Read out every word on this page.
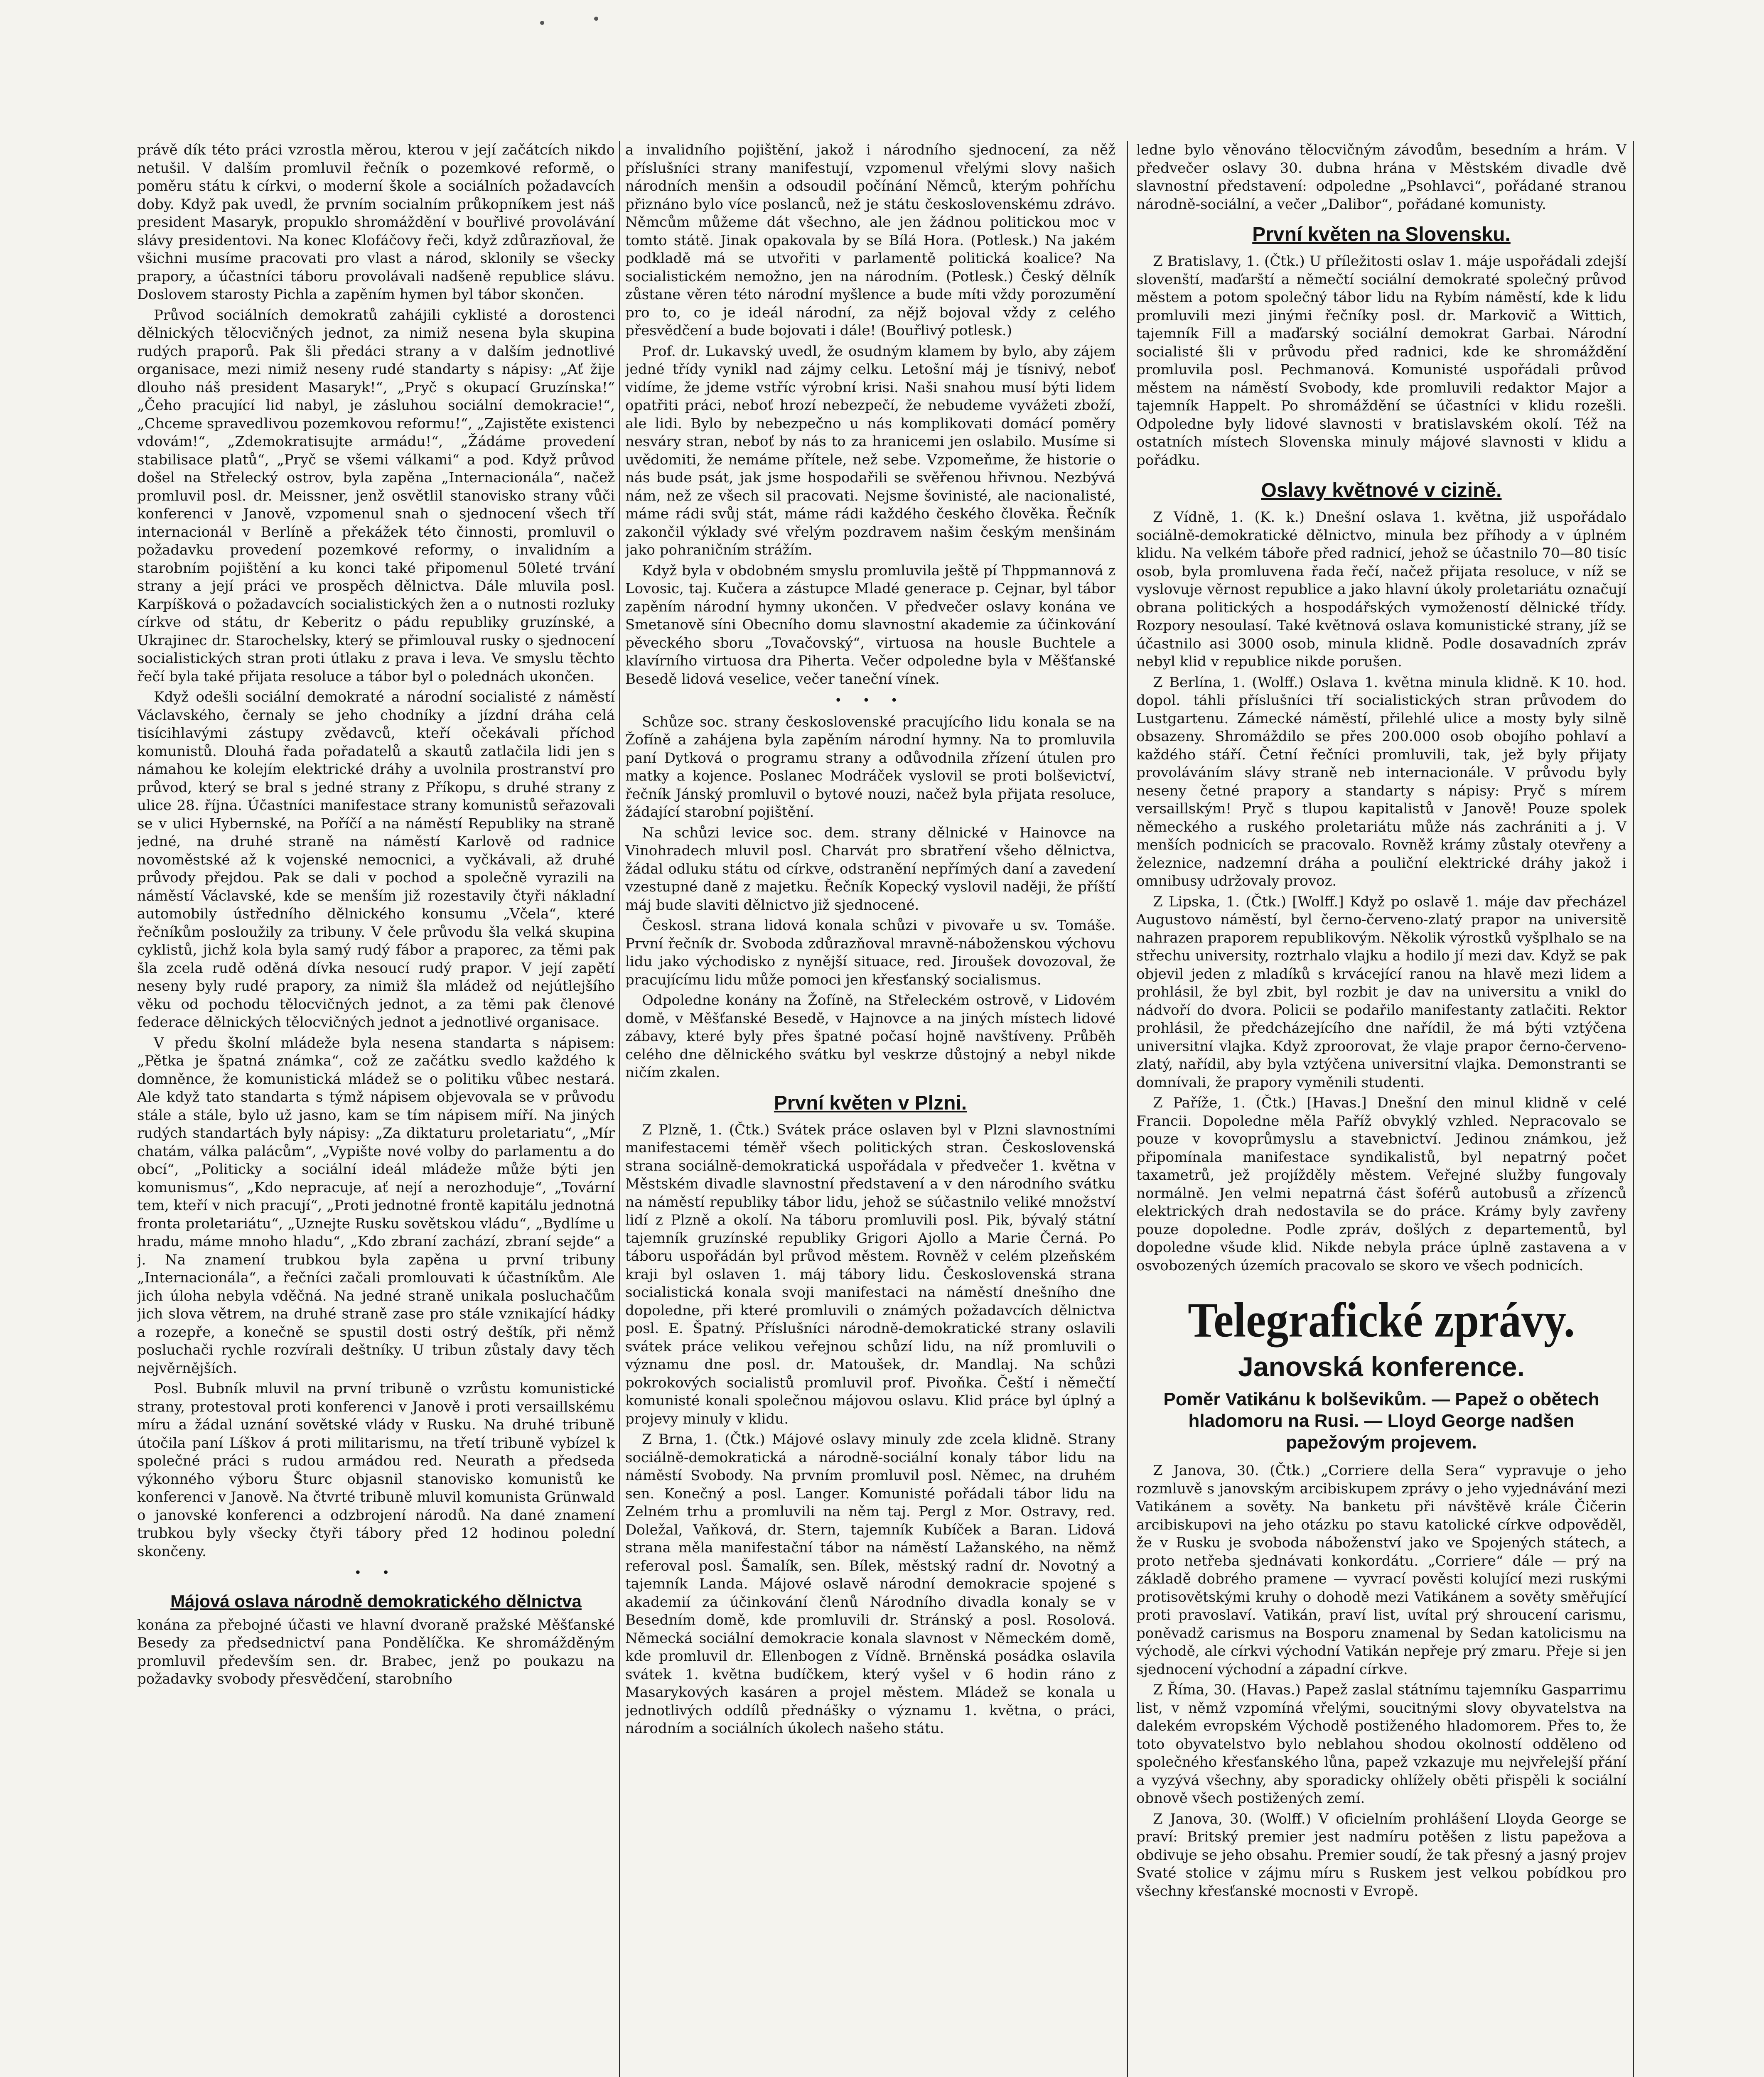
právě dík této práci vzrostla měrou, kterou v její začátcích nikdo netušil. V dalším promluvil řečník o pozemkové reformě, o poměru státu k církvi, o moderní škole a sociálních požadavcích doby. Když pak uvedl, že prvním socialním průkopníkem jest náš president Masaryk, propuklo shromáždění v bouřlivé provolávání slávy presidentovi. Na konec Klofáčovy řeči, když zdůrazňoval, že všichni musíme pracovati pro vlast a národ, sklonily se všecky prapory, a účastníci táboru provolávali nadšeně republice slávu. Doslovem starosty Pichla a zapěním hymen byl tábor skončen.

Průvod sociálních demokratů zahájili cyklisté a dorostenci dělnických tělocvičných jednot, za nimiž nesena byla skupina rudých praporů. Pak šli předáci strany a v dalším jednotlivé organisace, mezi nimiž neseny rudé standarty s nápisy: „Ať žije dlouho náš president Masaryk!“, „Pryč s okupací Gruzínska!“ „Čeho pracující lid nabyl, je zásluhou sociální demokracie!“, „Chceme spravedlivou pozemkovou reformu!“, „Zajistěte existenci vdovám!“, „Zdemokratisujte armádu!“, „Žádáme provedení stabilisace platů“, „Pryč se všemi válkami“ a pod. Když průvod došel na Střelecký ostrov, byla zapěna „Internacionála“, načež promluvil posl. dr. Meissner, jenž osvětlil stanovisko strany vůči konferenci v Janově, vzpomenul snah o sjednocení všech tří internacionál v Berlíně a překážek této činnosti, promluvil o požadavku provedení pozemkové reformy, o invalidním a starobním pojištění a ku konci také připomenul 50leté trvání strany a její práci ve prospěch dělnictva. Dále mluvila posl. Karpíšková o požadavcích socialistických žen a o nutnosti rozluky církve od státu, dr Keberitz o pádu republiky gruzínské, a Ukrajinec dr. Starochelsky, který se přimlouval rusky o sjednocení socialistických stran proti útlaku z prava i leva. Ve smyslu těchto řečí byla také přijata resoluce a tábor byl o polednách ukončen.

Když odešli sociální demokraté a národní socialisté z náměstí Václavského, černaly se jeho chodníky a jízdní dráha celá tisícihlavými zástupy zvědavců, kteří očekávali příchod komunistů. Dlouhá řada pořadatelů a skautů zatlačila lidi jen s námahou ke kolejím elektrické dráhy a uvolnila prostranství pro průvod, který se bral s jedné strany z Příkopu, s druhé strany z ulice 28. října. Účastníci manifestace strany komunistů seřazovali se v ulici Hybernské, na Poříčí a na náměstí Republiky na straně jedné, na druhé straně na náměstí Karlově od radnice novoměstské až k vojenské nemocnici, a vyčkávali, až druhé průvody přejdou. Pak se dali v pochod a společně vyrazili na náměstí Václavské, kde se menším již rozestavily čtyři nákladní automobily ústředního dělnického konsumu „Včela“, které řečníkům posloužily za tribuny. V čele průvodu šla velká skupina cyklistů, jichž kola byla samý rudý fábor a praporec, za těmi pak šla zcela rudě oděná dívka nesoucí rudý prapor. V její zapětí neseny byly rudé prapory, za nimiž šla mládež od nejútlejšího věku od pochodu tělocvičných jednot, a za těmi pak členové federace dělnických tělocvičných jednot a jednotlivé organisace.

V předu školní mládeže byla nesena standarta s nápisem: „Pětka je špatná známka“, což ze začátku svedlo každého k domněnce, že komunistická mládež se o politiku vůbec nestará. Ale když tato standarta s týmž nápisem objevovala se v průvodu stále a stále, bylo už jasno, kam se tím nápisem míří. Na jiných rudých standartách byly nápisy: „Za diktaturu proletariatu“, „Mír chatám, válka palácům“, „Vypište nové volby do parlamentu a do obcí“, „Politicky a sociální ideál mládeže může býti jen komunismus“, „Kdo nepracuje, ať nejí a nerozhoduje“, „Tovární tem, kteří v nich pracují“, „Proti jednotné frontě kapitálu jednotná fronta proletariátu“, „Uznejte Rusku sovětskou vládu“, „Bydlíme u hradu, máme mnoho hladu“, „Kdo zbraní zachází, zbraní sejde“ a j. Na znamení trubkou byla zapěna u první tribuny „Internacionála“, a řečníci začali promlouvati k účastníkům. Ale jich úloha nebyla vděčná. Na jedné straně unikala posluchačům jich slova větrem, na druhé straně zase pro stále vznikající hádky a rozepře, a konečně se spustil dosti ostrý deštík, při němž posluchači rychle rozvírali deštníky. U tribun zůstaly davy těch nejvěrnějších.

Posl. Bubník mluvil na první tribuně o vzrůstu komunistické strany, protestoval proti konferenci v Janově i proti versaillskému míru a žádal uznání sovětské vlády v Rusku. Na druhé tribuně útočila paní Líškov á proti militarismu, na třetí tribuně vybízel k společné práci s rudou armádou red. Neurath a předseda výkonného výboru Šturc objasnil stanovisko komunistů ke konferenci v Janově. Na čtvrté tribuně mluvil komunista Grünwald o janovské konferenci a odzbrojení národů. Na dané znamení trubkou byly všecky čtyři tábory před 12 hodinou polední skončeny.

• •
Májová oslava národně demokratického dělnictva

konána za přebojné účasti ve hlavní dvoraně pražské Měšťanské Besedy za předsednictví pana Pondělíčka. Ke shromážděným promluvil především sen. dr. Brabec, jenž po poukazu na požadavky svobody přesvědčení, starobního

a invalidního pojištění, jakož i národního sjednocení, za něž příslušníci strany manifestují, vzpomenul vřelými slovy našich národních menšin a odsoudil počínání Němců, kterým pohříchu přiznáno bylo více poslanců, než je státu československému zdrávo. Němcům můžeme dát všechno, ale jen žádnou politickou moc v tomto státě. Jinak opakovala by se Bílá Hora. (Potlesk.) Na jakém podkladě má se utvořiti v parlamentě politická koalice? Na socialistickém nemožno, jen na národním. (Potlesk.) Český dělník zůstane věren této národní myšlence a bude míti vždy porozumění pro to, co je ideál národní, za nějž bojoval vždy z celého přesvědčení a bude bojovati i dále! (Bouřlivý potlesk.)

Prof. dr. Lukavský uvedl, že osudným klamem by bylo, aby zájem jedné třídy vynikl nad zájmy celku. Letošní máj je tísnivý, neboť vidíme, že jdeme vstříc výrobní krisi. Naši snahou musí býti lidem opatřiti práci, neboť hrozí nebezpečí, že nebudeme vyvážeti zboží, ale lidi. Bylo by nebezpečno u nás komplikovati domácí poměry nesváry stran, neboť by nás to za hranicemi jen oslabilo. Musíme si uvědomiti, že nemáme přítele, než sebe. Vzpomeňme, že historie o nás bude psát, jak jsme hospodařili se svěřenou hřivnou. Nezbývá nám, než ze všech sil pracovati. Nejsme šovinisté, ale nacionalisté, máme rádi svůj stát, máme rádi každého českého člověka. Řečník zakončil výklady své vřelým pozdravem našim českým menšinám jako pohraničním strážím.

Když byla v obdobném smyslu promluvila ještě pí Thppmannová z Lovosic, taj. Kučera a zástupce Mladé generace p. Cejnar, byl tábor zapěním národní hymny ukončen. V předvečer oslavy konána ve Smetanově síni Obecního domu slavnostní akademie za účinkování pěveckého sboru „Tovačovský“, virtuosa na housle Buchtele a klavírního virtuosa dra Piherta. Večer odpoledne byla v Měšťanské Besedě lidová veselice, večer taneční vínek.

• • •

Schůze soc. strany československé pracujícího lidu konala se na Žofíně a zahájena byla zapěním národní hymny. Na to promluvila paní Dytková o programu strany a odůvodnila zřízení útulen pro matky a kojence. Poslanec Modráček vyslovil se proti bolševictví, řečník Jánský promluvil o bytové nouzi, načež byla přijata resoluce, žádající starobní pojištění.

Na schůzi levice soc. dem. strany dělnické v Hainovce na Vinohradech mluvil posl. Charvát pro sbratření všeho dělnictva, žádal odluku státu od církve, odstranění nepřímých daní a zavedení vzestupné daně z majetku. Řečník Kopecký vyslovil naději, že příští máj bude slaviti dělnictvo již sjednocené.

Českosl. strana lidová konala schůzi v pivovaře u sv. Tomáše. První řečník dr. Svoboda zdůrazňoval mravně-náboženskou výchovu lidu jako východisko z nynější situace, red. Jiroušek dovozoval, že pracujícímu lidu může pomoci jen křesťanský socialismus.

Odpoledne konány na Žofíně, na Střeleckém ostrově, v Lidovém domě, v Měšťanské Besedě, v Hajnovce a na jiných místech lidové zábavy, které byly přes špatné počasí hojně navštíveny. Průběh celého dne dělnického svátku byl veskrze důstojný a nebyl nikde ničím zkalen.

První květen v Plzni.

Z Plzně, 1. (Čtk.) Svátek práce oslaven byl v Plzni slavnostními manifestacemi téměř všech politických stran. Československá strana sociálně-demokratická uspořádala v předvečer 1. května v Městském divadle slavnostní představení a v den národního svátku na náměstí republiky tábor lidu, jehož se súčastnilo veliké množství lidí z Plzně a okolí. Na táboru promluvili posl. Pik, bývalý státní tajemník gruzínské republiky Grigori Ajollo a Marie Černá. Po táboru uspořádán byl průvod městem. Rovněž v celém plzeňském kraji byl oslaven 1. máj tábory lidu. Československá strana socialistická konala svoji manifestaci na náměstí dnešního dne dopoledne, při které promluvili o známých požadavcích dělnictva posl. E. Špatný. Příslušníci národně-demokratické strany oslavili svátek práce velikou veřejnou schůzí lidu, na níž promluvili o významu dne posl. dr. Matoušek, dr. Mandlaj. Na schůzi pokrokových socialistů promluvil prof. Pivoňka. Čeští i němečtí komunisté konali společnou májovou oslavu. Klid práce byl úplný a projevy minuly v klidu.

Z Brna, 1. (Čtk.) Májové oslavy minuly zde zcela klidně. Strany sociálně-demokratická a národně-sociální konaly tábor lidu na náměstí Svobody. Na prvním promluvil posl. Němec, na druhém sen. Konečný a posl. Langer. Komunisté pořádali tábor lidu na Zelném trhu a promluvili na něm taj. Pergl z Mor. Ostravy, red. Doležal, Vaňková, dr. Stern, tajemník Kubíček a Baran. Lidová strana měla manifestační tábor na náměstí Lažanského, na němž referoval posl. Šamalík, sen. Bílek, městský radní dr. Novotný a tajemník Landa. Májové oslavě národní demokracie spojené s akademií za účinkování členů Národního divadla konaly se v Besedním domě, kde promluvili dr. Stránský a posl. Rosolová. Německá sociální demokracie konala slavnost v Německém domě, kde promluvil dr. Ellenbogen z Vídně. Brněnská posádka oslavila svátek 1. května budíčkem, který vyšel v 6 hodin ráno z Masarykových kasáren a projel městem. Mládež se konala u jednotlivých oddílů přednášky o významu 1. května, o práci, národním a sociálních úkolech našeho státu.

ledne bylo věnováno tělocvičným závodům, besedním a hrám. V předvečer oslavy 30. dubna hrána v Městském divadle dvě slavnostní představení: odpoledne „Psohlavci“, pořádané stranou národně-sociální, a večer „Dalibor“, pořádané komunisty.

První květen na Slovensku.

Z Bratislavy, 1. (Čtk.) U příležitosti oslav 1. máje uspořádali zdejší slovenští, maďarští a němečtí sociální demokraté společný průvod městem a potom společný tábor lidu na Rybím náměstí, kde k lidu promluvili mezi jinými řečníky posl. dr. Markovič a Wittich, tajemník Fill a maďarský sociální demokrat Garbai. Národní socialisté šli v průvodu před radnici, kde ke shromáždění promluvila posl. Pechmanová. Komunisté uspořádali průvod městem na náměstí Svobody, kde promluvili redaktor Major a tajemník Happelt. Po shromáždění se účastníci v klidu rozešli. Odpoledne byly lidové slavnosti v bratislavském okolí. Též na ostatních místech Slovenska minuly májové slavnosti v klidu a pořádku.

Oslavy květnové v cizině.

Z Vídně, 1. (K. k.) Dnešní oslava 1. května, již uspořádalo sociálně-demokratické dělnictvo, minula bez příhody a v úplném klidu. Na velkém táboře před radnicí, jehož se účastnilo 70—80 tisíc osob, byla promluvena řada řečí, načež přijata resoluce, v níž se vyslovuje věrnost republice a jako hlavní úkoly proletariátu označují obrana politických a hospodářských vymožeností dělnické třídy. Rozpory nesoulasí. Také květnová oslava komunistické strany, jíž se účastnilo asi 3000 osob, minula klidně. Podle dosavadních zpráv nebyl klid v republice nikde porušen.

Z Berlína, 1. (Wolff.) Oslava 1. května minula klidně. K 10. hod. dopol. táhli příslušníci tří socialistických stran průvodem do Lustgartenu. Zámecké náměstí, přilehlé ulice a mosty byly silně obsazeny. Shromáždilo se přes 200.000 osob obojího pohlaví a každého stáří. Četní řečníci promluvili, tak, jež byly přijaty provoláváním slávy straně neb internacionále. V průvodu byly neseny četné prapory a standarty s nápisy: Pryč s mírem versaillským! Pryč s tlupou kapitalistů v Janově! Pouze spolek německého a ruského proletariátu může nás zachrániti a j. V menších podnicích se pracovalo. Rovněž krámy zůstaly otevřeny a železnice, nadzemní dráha a pouliční elektrické dráhy jakož i omnibusy udržovaly provoz.

Z Lipska, 1. (Čtk.) [Wolff.] Když po oslavě 1. máje dav přecházel Augustovo náměstí, byl černo-červeno-zlatý prapor na universitě nahrazen praporem republikovým. Několik výrostků vyšplhalo se na střechu university, roztrhalo vlajku a hodilo jí mezi dav. Když se pak objevil jeden z mladíků s krvácející ranou na hlavě mezi lidem a prohlásil, že byl zbit, byl rozbit je dav na universitu a vnikl do nádvoří do dvora. Policii se podařilo manifestanty zatlačiti. Rektor prohlásil, že předcházejícího dne nařídil, že má býti vztýčena universitní vlajka. Když zproorovat, že vlaje prapor černo-červeno-zlatý, nařídil, aby byla vztýčena universitní vlajka. Demonstranti se domnívali, že prapory vyměnili studenti.

Z Paříže, 1. (Čtk.) [Havas.] Dnešní den minul klidně v celé Francii. Dopoledne měla Paříž obvyklý vzhled. Nepracovalo se pouze v kovoprůmyslu a stavebnictví. Jedinou známkou, jež připomínala manifestace syndikalistů, byl nepatrný počet taxametrů, jež projížděly městem. Veřejné služby fungovaly normálně. Jen velmi nepatrná část šoférů autobusů a zřízenců elektrických drah nedostavila se do práce. Krámy byly zavřeny pouze dopoledne. Podle zpráv, došlých z departementů, byl dopoledne všude klid. Nikde nebyla práce úplně zastavena a v osvobozených územích pracovalo se skoro ve všech podnicích.

Telegrafické zprávy.
Janovská konference.
Poměr Vatikánu k bolševikům. — Papež o obětech hladomoru na Rusi. — Lloyd George nadšen papežovým projevem.

Z Janova, 30. (Čtk.) „Corriere della Sera“ vypravuje o jeho rozmluvě s janovským arcibiskupem zprávy o jeho vyjednávání mezi Vatikánem a sověty. Na banketu při návštěvě krále Čičerin arcibiskupovi na jeho otázku po stavu katolické církve odpověděl, že v Rusku je svoboda náboženství jako ve Spojených státech, a proto netřeba sjednávati konkordátu. „Corriere“ dále — prý na základě dobrého pramene — vyvrací pověsti kolující mezi ruskými protisovětskými kruhy o dohodě mezi Vatikánem a sověty směřující proti pravoslaví. Vatikán, praví list, uvítal prý shroucení carismu, poněvadž carismus na Bosporu znamenal by Sedan katolicismu na východě, ale církvi východní Vatikán nepřeje prý zmaru. Přeje si jen sjednocení východní a západní církve.

Z Říma, 30. (Havas.) Papež zaslal státnímu tajemníku Gasparrimu list, v němž vzpomíná vřelými, soucitnými slovy obyvatelstva na dalekém evropském Východě postiženého hladomorem. Přes to, že toto obyvatelstvo bylo neblahou shodou okolností odděleno od společného křesťanského lůna, papež vzkazuje mu nejvřelejší přání a vyzývá všechny, aby sporadicky ohlížely oběti přispěli k sociální obnově všech postižených zemí.

Z Janova, 30. (Wolff.) V oficielním prohlášení Lloyda George se praví: Britský premier jest nadmíru potěšen z listu papežova a obdivuje se jeho obsahu. Premier soudí, že tak přesný a jasný projev Svaté stolice v zájmu míru s Ruskem jest velkou pobídkou pro všechny křesťanské mocnosti v Evropě.
